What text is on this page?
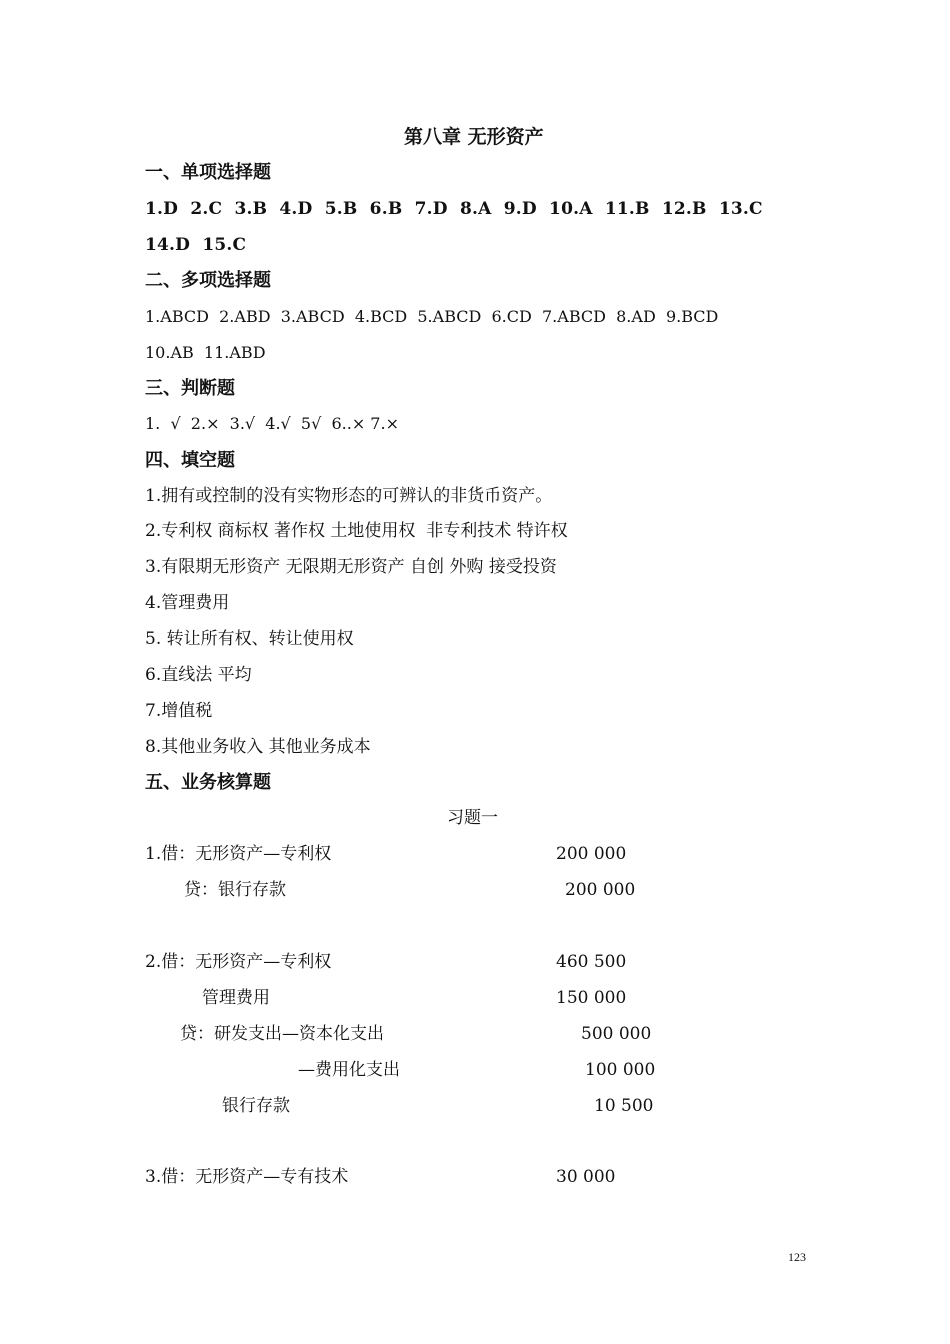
第八章 无形资产
一、单项选择题
1.D  2.C  3.B  4.D  5.B  6.B  7.D  8.A  9.D  10.A  11.B  12.B  13.C
14.D  15.C
二、多项选择题
1.ABCD  2.ABD  3.ABCD  4.BCD  5.ABCD  6.CD  7.ABCD  8.AD  9.BCD
10.AB  11.ABD
三、判断题
1.  √  2.×  3.√  4.√  5√  6..× 7.×
四、填空题
1.拥有或控制的没有实物形态的可辨认的非货币资产。
2.专利权 商标权 著作权 土地使用权  非专利技术 特许权
3.有限期无形资产 无限期无形资产 自创 外购 接受投资
4.管理费用
5. 转让所有权、转让使用权
6.直线法 平均
7.增值税
8.其他业务收入 其他业务成本
五、业务核算题
习题一
1.借：无形资产—专利权	200 000
贷：银行存款	200 000
2.借：无形资产—专利权	460 500
管理费用	150 000
贷：研发支出—资本化支出	500 000
—费用化支出	100 000
银行存款	10 500
3.借：无形资产—专有技术	30 000
123
